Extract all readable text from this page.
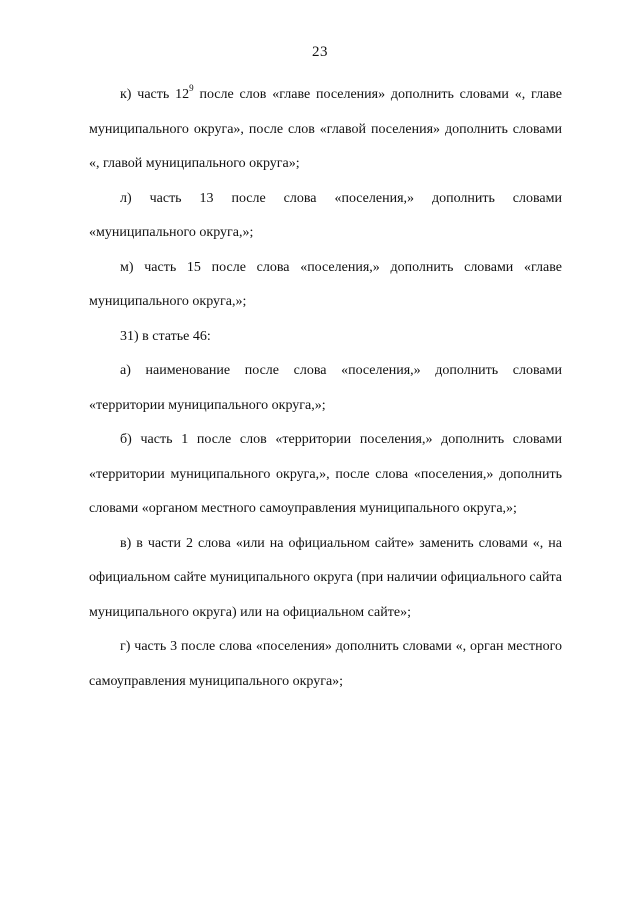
23

к) часть $12^9$ после слов «главе поселения» дополнить словами «, главе муниципального округа», после слов «главой поселения» дополнить словами «, главой муниципального округа»;

л) часть 13 после слова «поселения,» дополнить словами «муниципального округа,»;

м) часть 15 после слова «поселения,» дополнить словами «главе муниципального округа,»;

31) в статье 46:

а) наименование после слова «поселения,» дополнить словами «территории муниципального округа,»;

б) часть 1 после слов «территории поселения,» дополнить словами «территории муниципального округа,», после слова «поселения,» дополнить словами «органом местного самоуправления муниципального округа,»;

в) в части 2 слова «или на официальном сайте» заменить словами «, на официальном сайте муниципального округа (при наличии официального сайта муниципального округа) или на официальном сайте»;

г) часть 3 после слова «поселения» дополнить словами «, орган местного самоуправления муниципального округа»;
